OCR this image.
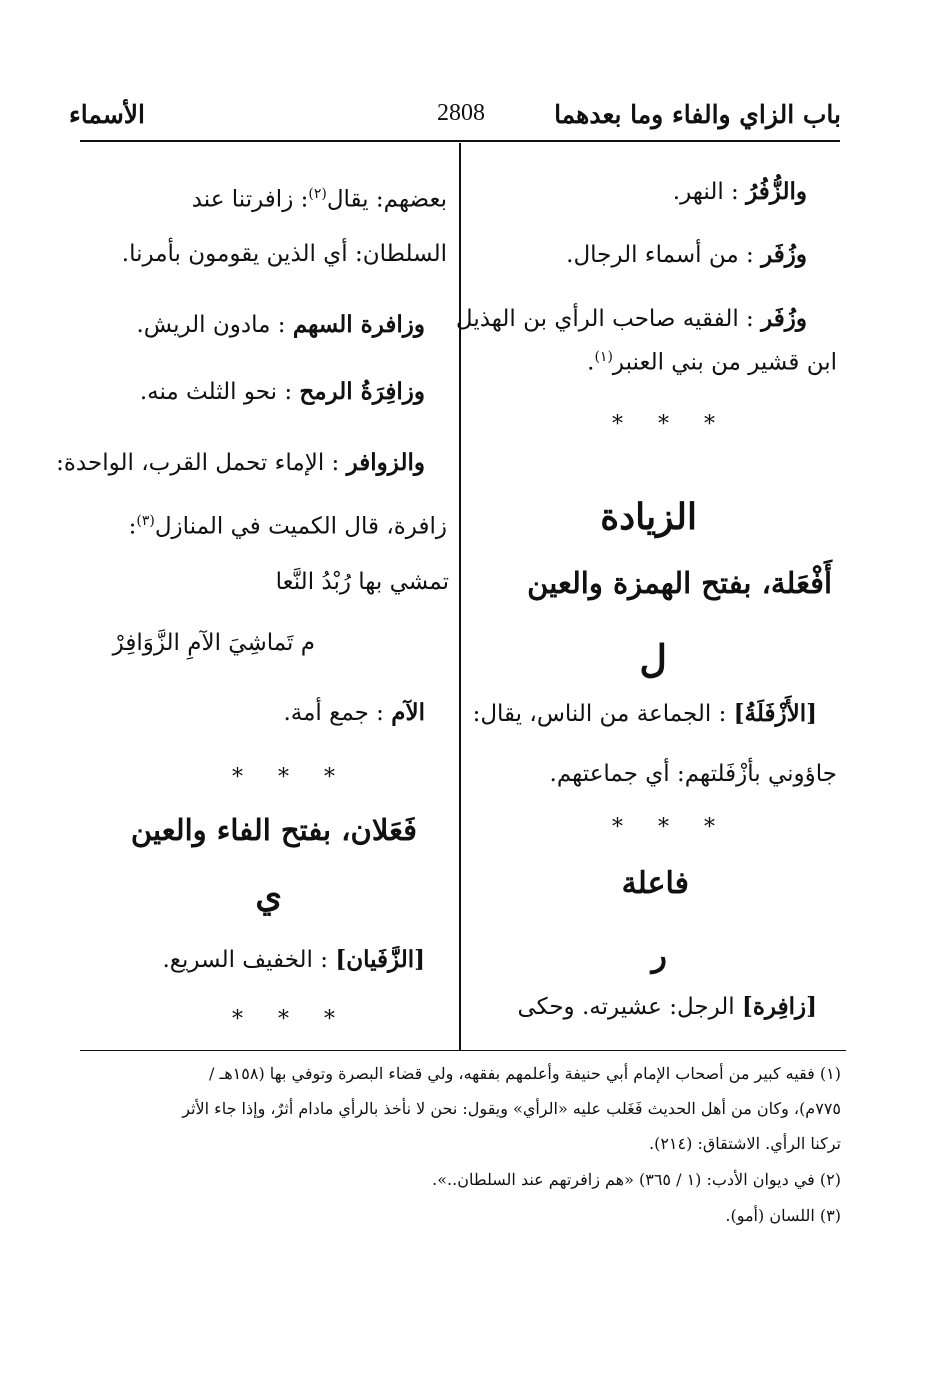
باب الزاي والفاء وما بعدهما
2808
الأسماء
والزُّفُرُ : النهر.
وزُفَر : من أسماء الرجال.
وزُفَر : الفقيه صاحب الرأي بن الهذيل
ابن قشير من بني العنبر$^{(١)}$.
* * *
الزيادة
أَفْعَلة، بفتح الهمزة والعين
ل
[الأَزْفَلَةُ] : الجماعة من الناس، يقال:
جاؤوني بأزْفَلتهم: أي جماعتهم.
* * *
فاعلة
ر
[زافِرة] الرجل: عشيرته. وحكى
بعضهم: يقال$^{(٢)}$: زافرتنا عند
السلطان: أي الذين يقومون بأمرنا.
وزافرة السهم : مادون الريش.
وزافِرَةُ الرمح : نحو الثلث منه.
والزوافر : الإماء تحمل القرب، الواحدة:
زافرة، قال الكميت في المنازل$^{(٣)}$:
تمشي بها رُبْدُ النَّعا
م تَماشِيَ الآمِ الزَّوَافِرْ
الآم : جمع أمة.
* * *
فَعَلان، بفتح الفاء والعين
ي
[الزَّفَيان] : الخفيف السريع.
* * *
(١) فقيه كبير من أصحاب الإمام أبي حنيفة وأعلمهم بفقهه، ولي قضاء البصرة وتوفي بها (١٥٨هـ /
٧٧٥م)، وكان من أهل الحديث فَغَلب عليه «الرأي» ويقول: نحن لا نأخذ بالرأي مادام أثرٌ، وإذا جاء الأثر
تركنا الرأي. الاشتقاق: (٢١٤).
(٢) في ديوان الأدب: (١ / ٣٦٥) «هم زافرتهم عند السلطان..».
(٣) اللسان (أمو).
